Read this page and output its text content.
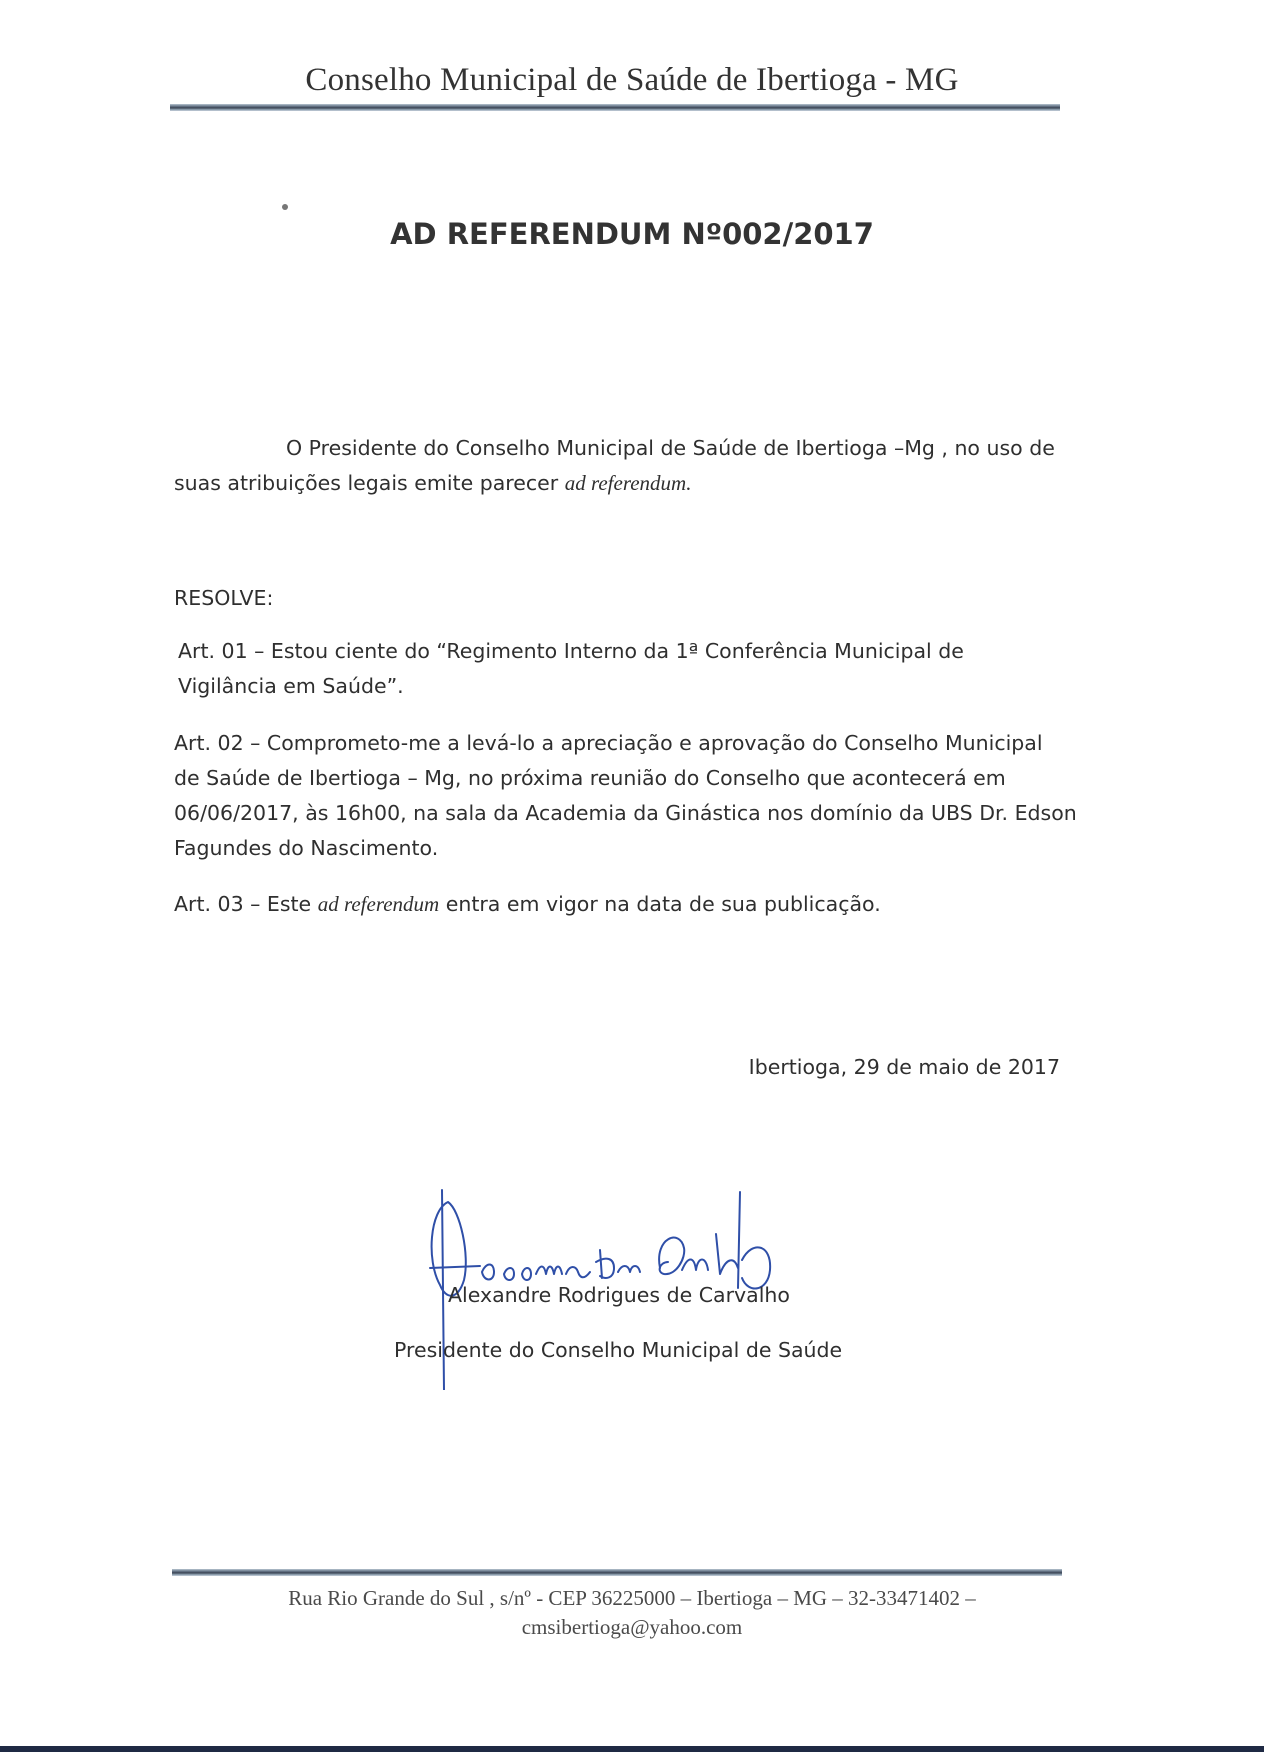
Conselho Municipal de Saúde de Ibertioga - MG
AD REFERENDUM Nº002/2017
O Presidente do Conselho Municipal de Saúde de Ibertioga –Mg , no uso de
suas atribuições legais emite parecer ad referendum.
RESOLVE:
Art. 01 – Estou ciente do “Regimento Interno da 1ª Conferência Municipal de
Vigilância em Saúde”.
Art. 02 – Comprometo-me a levá-lo a apreciação e aprovação do Conselho Municipal
de Saúde de Ibertioga – Mg, no próxima reunião do Conselho que acontecerá em
06/06/2017, às 16h00, na sala da Academia da Ginástica nos domínio da UBS Dr. Edson
Fagundes do Nascimento.
Art. 03 – Este ad referendum entra em vigor na data de sua publicação.
Ibertioga, 29 de maio de 2017
Alexandre Rodrigues de Carvalho
Presidente do Conselho Municipal de Saúde
Rua Rio Grande do Sul , s/nº - CEP 36225000 – Ibertioga – MG – 32-33471402 –
cmsibertioga@yahoo.com
